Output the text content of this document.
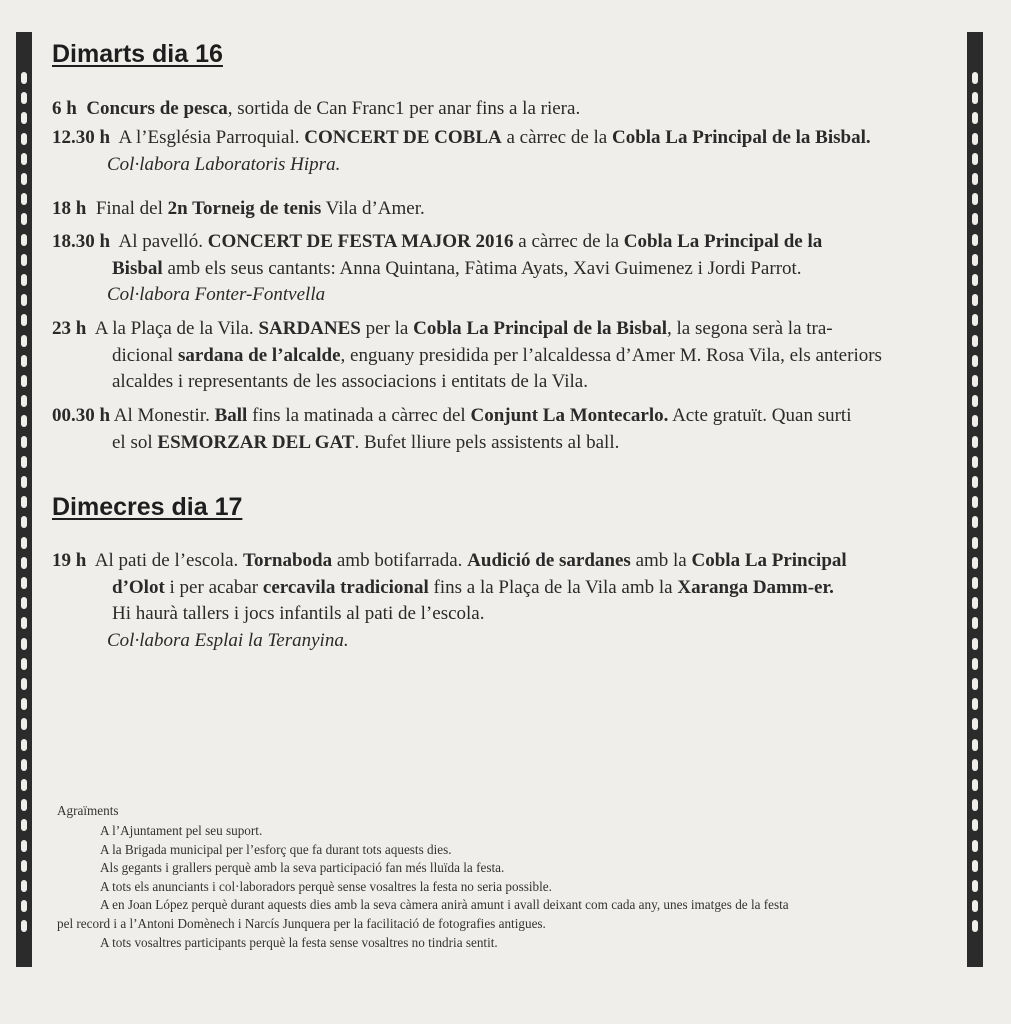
Dimarts dia 16
6 h Concurs de pesca, sortida de Can Franc1 per anar fins a la riera.
12.30 h  A l’Església Parroquial. CONCERT DE COBLA a càrrec de la Cobla La Principal de la Bisbal.
Col·labora Laboratoris Hipra.
18 h  Final del 2n Torneig de tenis Vila d’Amer.
18.30 h  Al pavelló. CONCERT DE FESTA MAJOR 2016 a càrrec de la Cobla La Principal de la
Bisbal amb els seus cantants: Anna Quintana, Fàtima Ayats, Xavi Guimenez i Jordi Parrot.
Col·labora Fonter-Fontvella
23 h  A la Plaça de la Vila. SARDANES per la Cobla La Principal de la Bisbal, la segona serà la tra-
dicional sardana de l’alcalde, enguany presidida per l’alcaldessa d’Amer M. Rosa Vila, els anteriors
alcaldes i representants de les associacions i entitats de la Vila.
00.30 h Al Monestir. Ball fins la matinada a càrrec del Conjunt La Montecarlo. Acte gratuït. Quan surti
el sol ESMORZAR DEL GAT. Bufet lliure pels assistents al ball.
Dimecres dia 17
19 h  Al pati de l’escola. Tornaboda amb botifarrada. Audició de sardanes amb la Cobla La Principal
d’Olot i per acabar cercavila tradicional fins a la Plaça de la Vila amb la Xaranga Damm-er.
Hi haurà tallers i jocs infantils al pati de l’escola.
Col·labora Esplai la Teranyina.
Agraïments
A l’Ajuntament pel seu suport.
A la Brigada municipal per l’esforç que fa durant tots aquests dies.
Als gegants i grallers perquè amb la seva participació fan més lluïda la festa.
A tots els anunciants i col·laboradors perquè sense vosaltres la festa no seria possible.
A en Joan López perquè durant aquests dies amb la seva càmera anirà amunt i avall deixant com cada any, unes imatges de la festa
pel record i a l’Antoni Domènech i Narcís Junquera per la facilitació de fotografies antigues.
A tots vosaltres participants perquè la festa sense vosaltres no tindria sentit.
